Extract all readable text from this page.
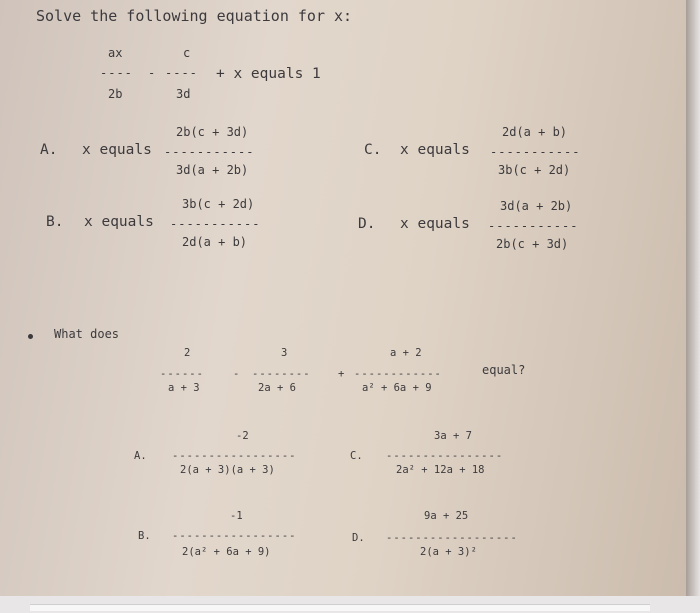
Solve the following equation for x:
ax
----
2b
-
c
----
3d
+ x equals 1
A. x equals
2b(c + 3d)
-----------
3d(a + 2b)
C. x equals
2d(a + b)
-----------
3b(c + 2d)
B. x equals
3b(c + 2d)
-----------
2d(a + b)
D. x equals
3d(a + 2b)
-----------
2b(c + 3d)
What does
2
------
a + 3
-
3
--------
2a + 6
+
a + 2
------------
a² + 6a + 9
equal?
A.
-2
-----------------
2(a + 3)(a + 3)
C.
3a + 7
----------------
2a² + 12a + 18
B.
-1
-----------------
2(a² + 6a + 9)
D.
9a + 25
------------------
2(a + 3)²
